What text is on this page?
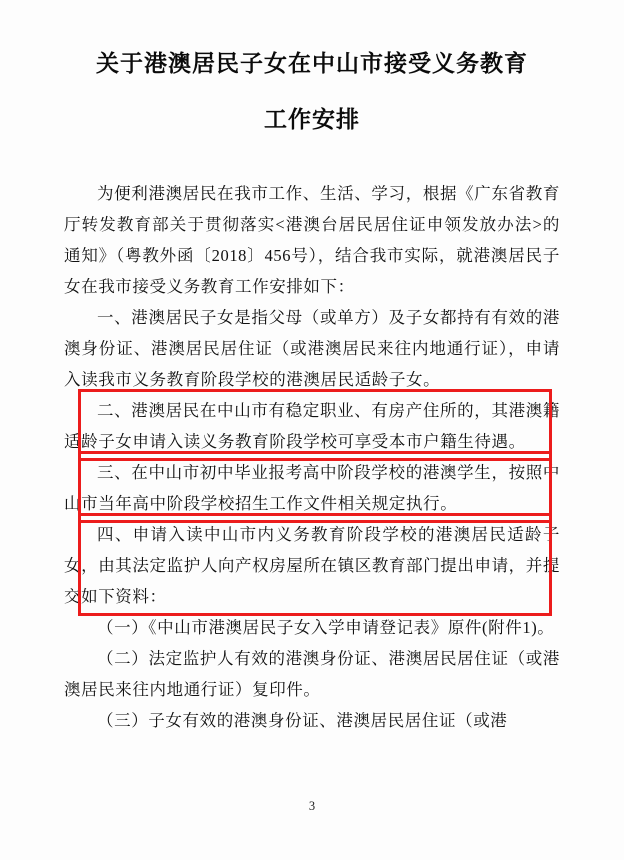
关于港澳居民子女在中山市接受义务教育
工作安排

为便利港澳居民在我市工作、生活、学习，根据《广东省教育厅转发教育部关于贯彻落实<港澳台居民居住证申领发放办法>的通知》（粤教外函〔2018〕456号），结合我市实际，就港澳居民子女在我市接受义务教育工作安排如下：

一、港澳居民子女是指父母（或单方）及子女都持有有效的港澳身份证、港澳居民居住证（或港澳居民来往内地通行证），申请入读我市义务教育阶段学校的港澳居民适龄子女。

二、港澳居民在中山市有稳定职业、有房产住所的，其港澳籍适龄子女申请入读义务教育阶段学校可享受本市户籍生待遇。

三、在中山市初中毕业报考高中阶段学校的港澳学生，按照中山市当年高中阶段学校招生工作文件相关规定执行。

四、申请入读中山市内义务教育阶段学校的港澳居民适龄子女，由其法定监护人向产权房屋所在镇区教育部门提出申请，并提交如下资料：

（一）《中山市港澳居民子女入学申请登记表》原件(附件1)。

（二）法定监护人有效的港澳身份证、港澳居民居住证（或港澳居民来往内地通行证）复印件。

（三）子女有效的港澳身份证、港澳居民居住证（或港

3
